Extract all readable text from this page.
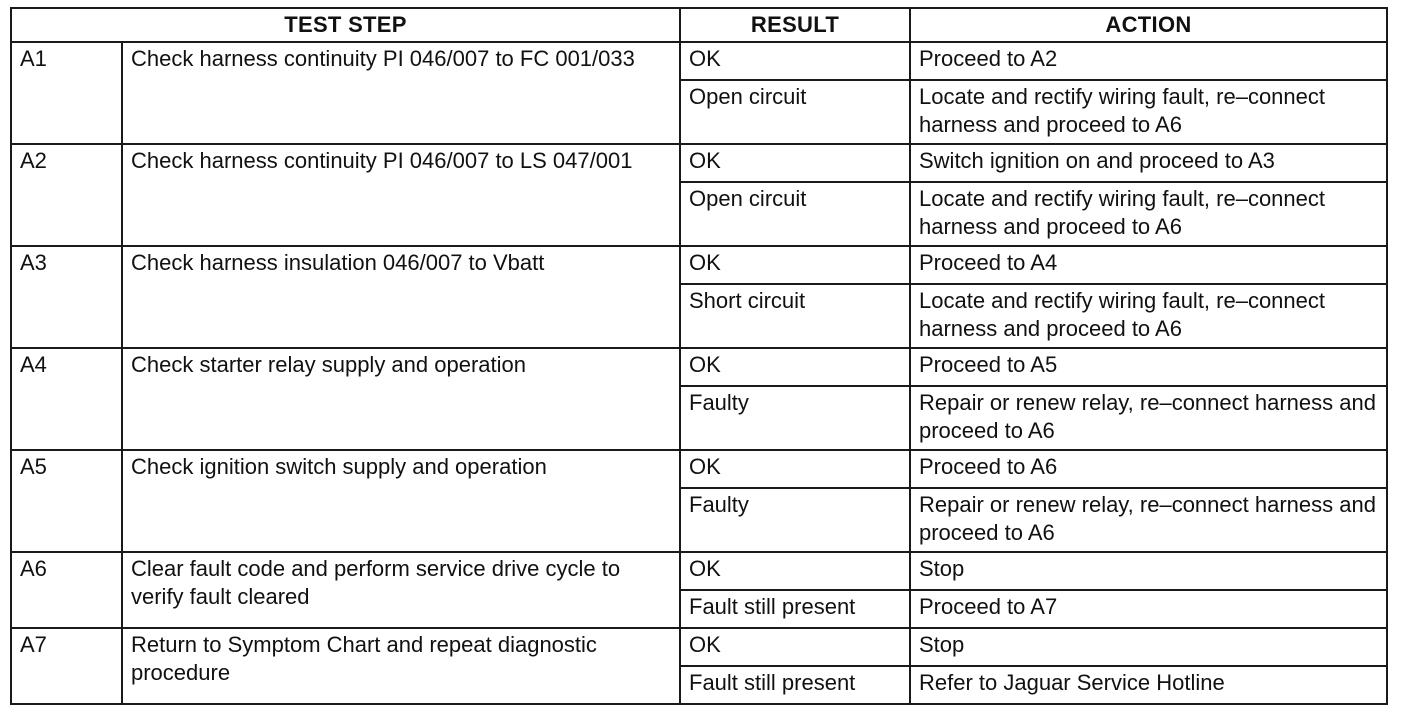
TEST STEP		RESULT	ACTION
A1	Check harness continuity PI 046/007 to FC 001/033	OK	Proceed to A2
		Open circuit	Locate and rectify wiring fault, re–connect harness and proceed to A6
A2	Check harness continuity PI 046/007 to LS 047/001	OK	Switch ignition on and proceed to A3
		Open circuit	Locate and rectify wiring fault, re–connect harness and proceed to A6
A3	Check harness insulation 046/007 to Vbatt	OK	Proceed to A4
		Short circuit	Locate and rectify wiring fault, re–connect harness and proceed to A6
A4	Check starter relay supply and operation	OK	Proceed to A5
		Faulty	Repair or renew relay, re–connect harness and proceed to A6
A5	Check ignition switch supply and operation	OK	Proceed to A6
		Faulty	Repair or renew relay, re–connect harness and proceed to A6
A6	Clear fault code and perform service drive cycle to verify fault cleared	OK	Stop
		Fault still present	Proceed to A7
A7	Return to Symptom Chart and repeat diagnostic procedure	OK	Stop
		Fault still present	Refer to Jaguar Service Hotline
